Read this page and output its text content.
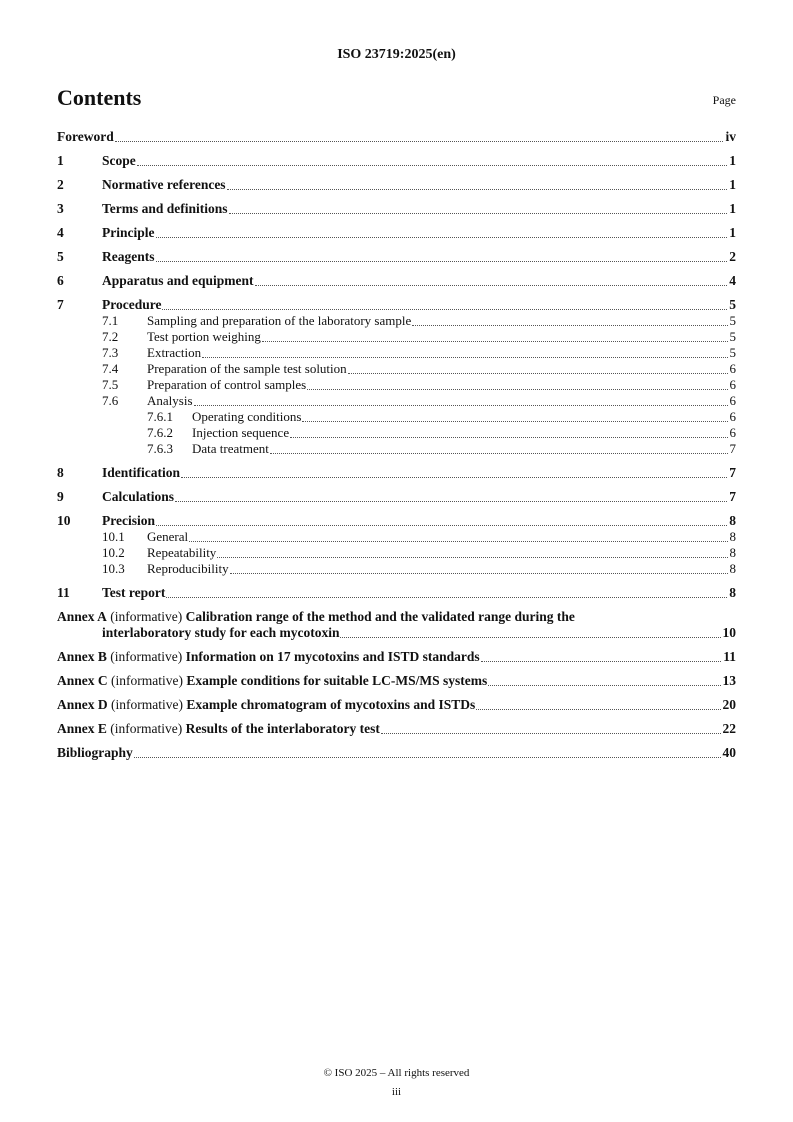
ISO 23719:2025(en)
Contents	Page
Foreword	iv
1	Scope	1
2	Normative references	1
3	Terms and definitions	1
4	Principle	1
5	Reagents	2
6	Apparatus and equipment	4
7	Procedure	5
7.1	Sampling and preparation of the laboratory sample	5
7.2	Test portion weighing	5
7.3	Extraction	5
7.4	Preparation of the sample test solution	6
7.5	Preparation of control samples	6
7.6	Analysis	6
7.6.1	Operating conditions	6
7.6.2	Injection sequence	6
7.6.3	Data treatment	7
8	Identification	7
9	Calculations	7
10	Precision	8
10.1	General	8
10.2	Repeatability	8
10.3	Reproducibility	8
11	Test report	8
Annex A (informative) Calibration range of the method and the validated range during the
interlaboratory study for each mycotoxin	10
Annex B (informative) Information on 17 mycotoxins and ISTD standards	11
Annex C (informative) Example conditions for suitable LC-MS/MS systems	13
Annex D (informative) Example chromatogram of mycotoxins and ISTDs	20
Annex E (informative) Results of the interlaboratory test	22
Bibliography	40
© ISO 2025 – All rights reserved
iii
